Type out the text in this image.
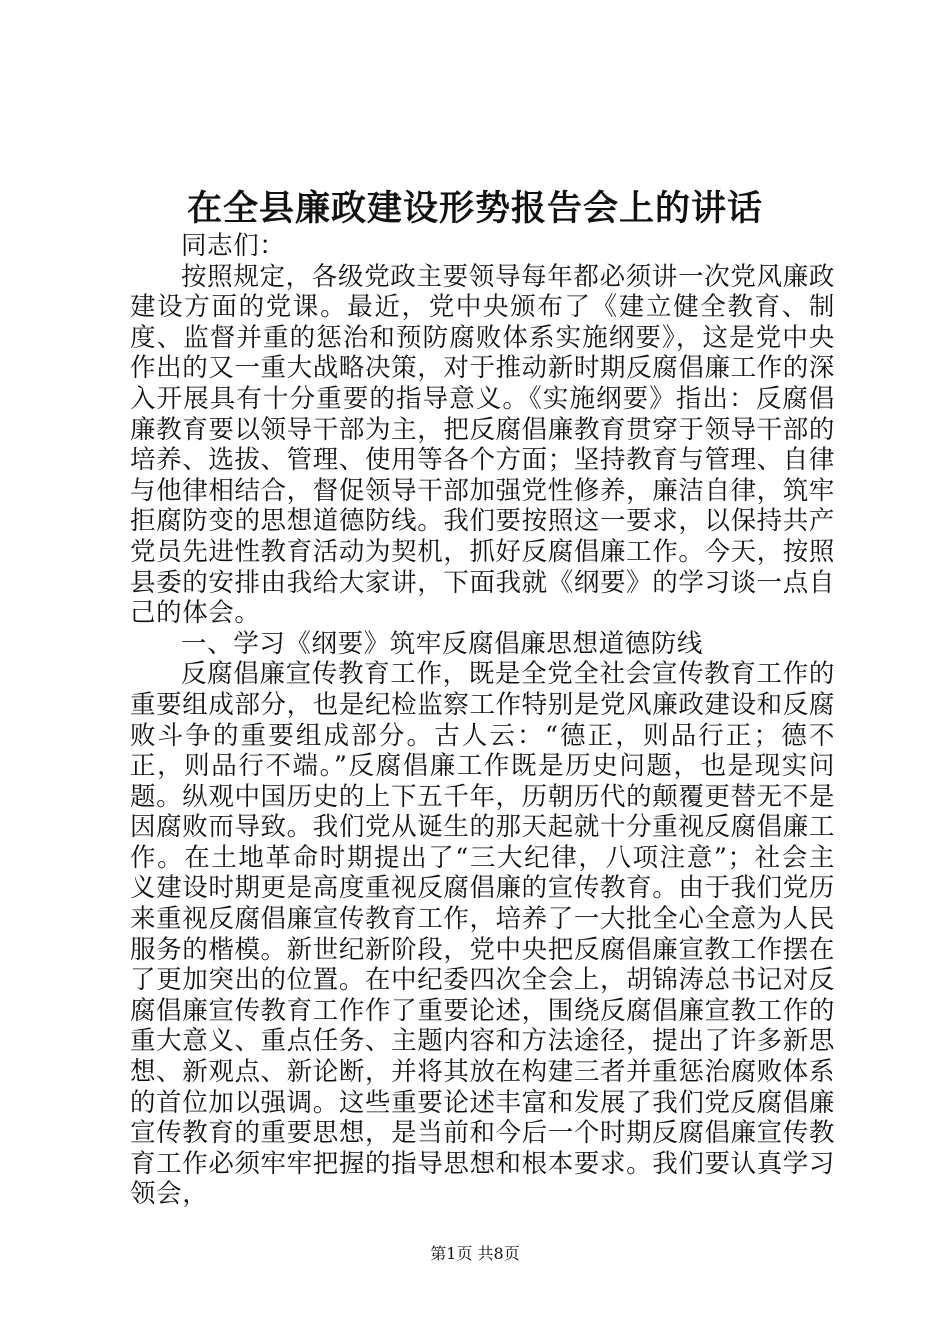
在全县廉政建设形势报告会上的讲话

同志们：

按照规定，各级党政主要领导每年都必须讲一次党风廉政建设方面的党课。最近，党中央颁布了《建立健全教育、制度、监督并重的惩治和预防腐败体系实施纲要》，这是党中央作出的又一重大战略决策，对于推动新时期反腐倡廉工作的深入开展具有十分重要的指导意义。《实施纲要》指出：反腐倡廉教育要以领导干部为主，把反腐倡廉教育贯穿于领导干部的培养、选拔、管理、使用等各个方面；坚持教育与管理、自律与他律相结合，督促领导干部加强党性修养，廉洁自律，筑牢拒腐防变的思想道德防线。我们要按照这一要求，以保持共产党员先进性教育活动为契机，抓好反腐倡廉工作。今天，按照县委的安排由我给大家讲，下面我就《纲要》的学习谈一点自己的体会。

一、学习《纲要》筑牢反腐倡廉思想道德防线

反腐倡廉宣传教育工作，既是全党全社会宣传教育工作的重要组成部分，也是纪检监察工作特别是党风廉政建设和反腐败斗争的重要组成部分。古人云：“德正，则品行正；德不正，则品行不端。”反腐倡廉工作既是历史问题，也是现实问题。纵观中国历史的上下五千年，历朝历代的颠覆更替无不是因腐败而导致。我们党从诞生的那天起就十分重视反腐倡廉工作。在土地革命时期提出了“三大纪律，八项注意”；社会主义建设时期更是高度重视反腐倡廉的宣传教育。由于我们党历来重视反腐倡廉宣传教育工作，培养了一大批全心全意为人民服务的楷模。新世纪新阶段，党中央把反腐倡廉宣教工作摆在了更加突出的位置。在中纪委四次全会上，胡锦涛总书记对反腐倡廉宣传教育工作作了重要论述，围绕反腐倡廉宣教工作的重大意义、重点任务、主题内容和方法途径，提出了许多新思想、新观点、新论断，并将其放在构建三者并重惩治腐败体系的首位加以强调。这些重要论述丰富和发展了我们党反腐倡廉宣传教育的重要思想，是当前和今后一个时期反腐倡廉宣传教育工作必须牢牢把握的指导思想和根本要求。我们要认真学习领会，

第1页 共8页
